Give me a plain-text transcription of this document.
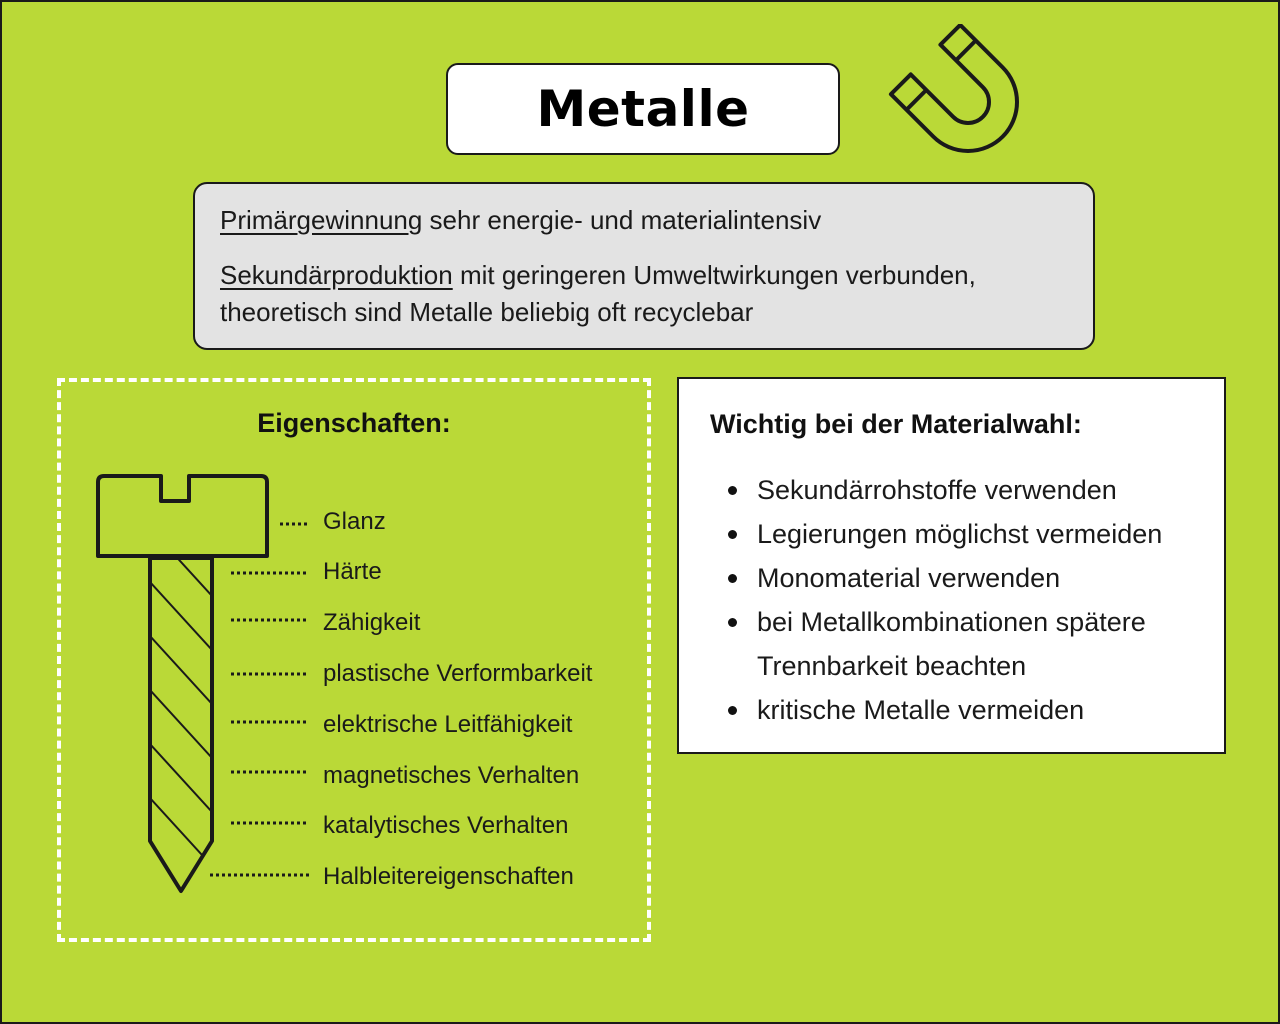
Metalle

Primärgewinnung sehr energie- und materialintensiv

Sekundärproduktion mit geringeren Umweltwirkungen verbunden,
theoretisch sind Metalle beliebig oft recyclebar

Eigenschaften:
Glanz
Härte
Zähigkeit
plastische Verformbarkeit
elektrische Leitfähigkeit
magnetisches Verhalten
katalytisches Verhalten
Halbleitereigenschaften
Wichtig bei der Materialwahl:
Sekundärrohstoffe verwenden
Legierungen möglichst vermeiden
Monomaterial verwenden
bei Metallkombinationen spätere Trennbarkeit beachten
kritische Metalle vermeiden
